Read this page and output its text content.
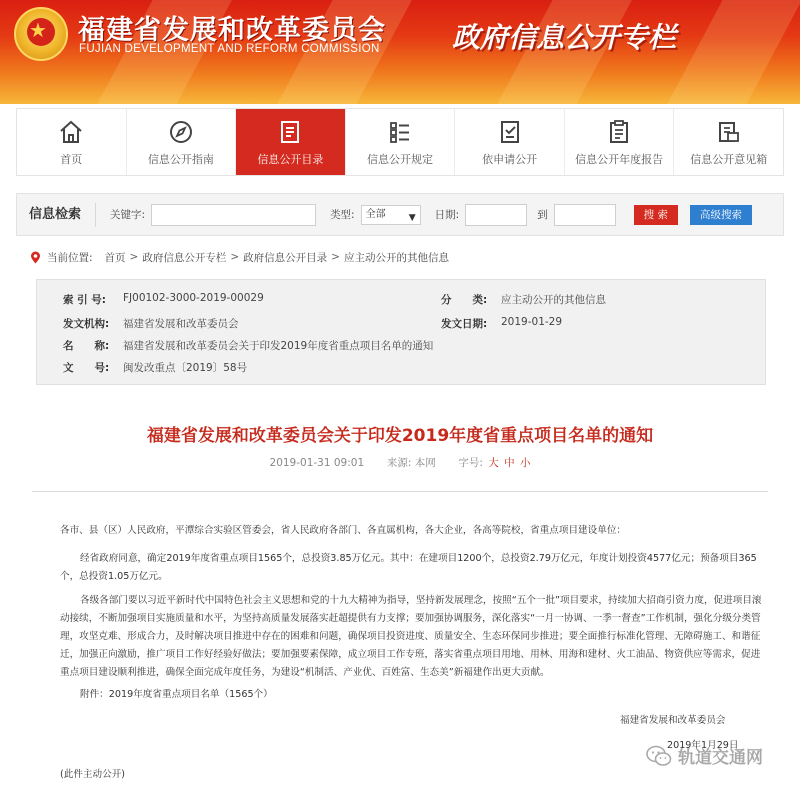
★ 福建省发展和改革委员会
FUJIAN DEVELOPMENT AND REFORM COMMISSION	政府信息公开专栏
首页	信息公开指南	信息公开目录	信息公开规定	依申请公开	信息公开年度报告 信息公开意见箱
信息检索	关键字:	类型:	全部	▼ 日期:	到	搜 索	高级搜索
当前位置: 首页 > 政府信息公开专栏 > 政府信息公开目录 > 应主动公开的其他信息
索 引 号: FJ00102-3000-2019-00029	分　　类: 应主动公开的其他信息
发文机构: 福建省发展和改革委员会	发文日期: 2019-01-29
名　　称: 福建省发展和改革委员会关于印发2019年度省重点项目名单的通知
文　　号: 闽发改重点〔2019〕58号
福建省发展和改革委员会关于印发2019年度省重点项目名单的通知
2019-01-31 09:01 来源: 本网 字号: 大 中 小
各市、县（区）人民政府，平潭综合实验区管委会，省人民政府各部门、各直属机构，各大企业，各高等院校，省重点项目建设单位：
经省政府同意，确定2019年度省重点项目1565个，总投资3.85万亿元。其中：在建项目1200个，总投资2.79万亿元，年度计划投资4577亿元；预备项目365个，总投资1.05万亿元。
各级各部门要以习近平新时代中国特色社会主义思想和党的十九大精神为指导，坚持新发展理念，按照“五个一批”项目要求，持续加大招商引资力度，促进项目滚动接续，不断加强项目实施质量和水平，为坚持高质量发展落实赶超提供有力支撑；要加强协调服务，深化落实“一月一协调、一季一督查”工作机制，强化分级分类管理，攻坚克难、形成合力，及时解决项目推进中存在的困难和问题，确保项目投资进度、质量安全、生态环保同步推进；要全面推行标准化管理、无障碍施工、和谐征迁，加强正向激励，推广项目工作好经验好做法；要加强要素保障，成立项目工作专班，落实省重点项目用地、用林、用海和建材、火工油品、物资供应等需求，促进重点项目建设顺利推进，确保全面完成年度任务，为建设“机制活、产业优、百姓富、生态美”新福建作出更大贡献。
附件：2019年度省重点项目名单（1565个）
福建省发展和改革委员会
2019年1月29日
(此件主动公开)
轨道交通网
